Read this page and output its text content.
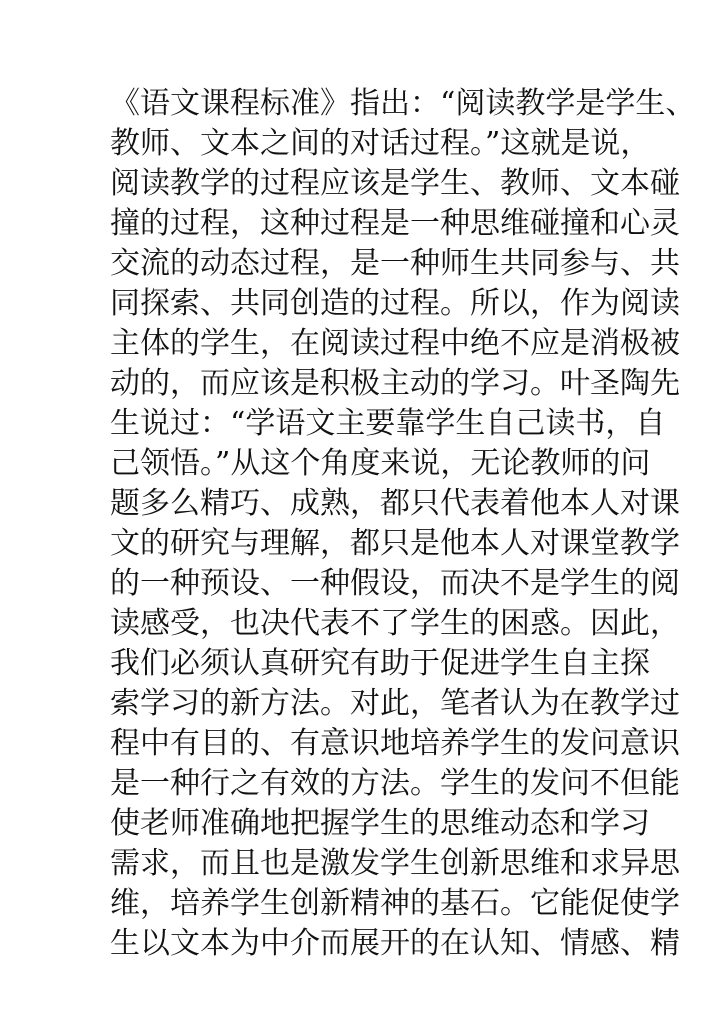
《语文课程标准》指出：“阅读教学是学生、
教师、文本之间的对话过程。”这就是说，
阅读教学的过程应该是学生、教师、文本碰
撞的过程，这种过程是一种思维碰撞和心灵
交流的动态过程，是一种师生共同参与、共
同探索、共同创造的过程。所以，作为阅读
主体的学生，在阅读过程中绝不应是消极被
动的，而应该是积极主动的学习。叶圣陶先
生说过：“学语文主要靠学生自己读书，自
己领悟。”从这个角度来说，无论教师的问
题多么精巧、成熟，都只代表着他本人对课
文的研究与理解，都只是他本人对课堂教学
的一种预设、一种假设，而决不是学生的阅
读感受，也决代表不了学生的困惑。因此，
我们必须认真研究有助于促进学生自主探
索学习的新方法。对此，笔者认为在教学过
程中有目的、有意识地培养学生的发问意识
是一种行之有效的方法。学生的发问不但能
使老师准确地把握学生的思维动态和学习
需求，而且也是激发学生创新思维和求异思
维，培养学生创新精神的基石。它能促使学
生以文本为中介而展开的在认知、情感、精
